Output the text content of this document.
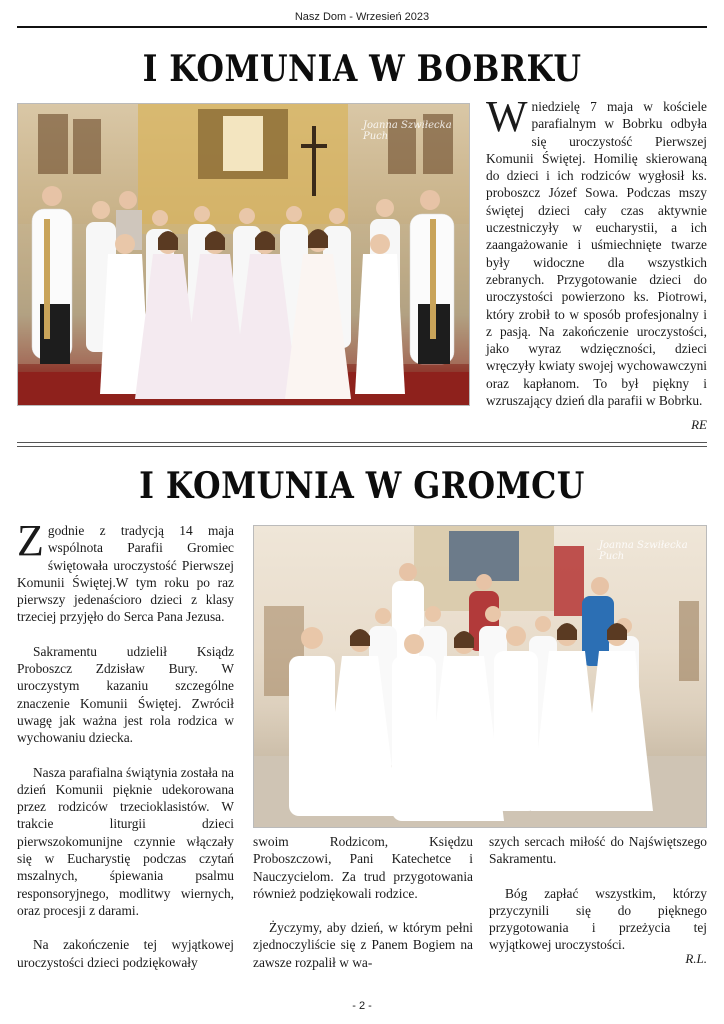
Nasz Dom - Wrzesień 2023
I KOMUNIA W BOBRKU
Joanna Szwiłecka Puch	Wniedzielę 7 maja w kościele parafialnym w Bobrku odbyła się uroczystość Pierwszej Komunii Świętej. Homilię skierowaną do dzieci i ich rodziców wygłosił ks. proboszcz Józef Sowa. Podczas mszy świętej dzieci cały czas aktywnie uczestniczyły w eucharystii, a ich zaangażowanie i uśmiechnięte twarze były widoczne dla wszystkich zebranych. Przygotowanie dzieci do uroczystości powierzono ks. Piotrowi, który zrobił to w sposób profesjonalny i z pasją. Na zakończenie uroczystości, jako wyraz wdzięczności, dzieci wręczyły kwiaty swojej wychowawczyni oraz kapłanom. To był piękny i wzruszający dzień dla parafii w Bobrku.

RE
I KOMUNIA W GROMCU
Joanna Szwiłecka Puch

Zgodnie z tradycją 14 maja wspólnota Parafii Gromiec świętowała uroczystość Pierwszej Komunii Świętej.W tym roku po raz pierwszy jedenaścioro dzieci z klasy trzeciej przyjęło do Serca Pana Jezusa.

Sakramentu udzielił Ksiądz Proboszcz Zdzisław Bury. W uroczystym kazaniu szczególne znaczenie Komunii Świętej. Zwrócił uwagę jak ważna jest rola rodzica w wychowaniu dziecka.

Nasza parafialna świątynia została na dzień Komunii pięknie udekorowana przez rodziców trzecioklasistów. W trakcie liturgii dzieci pierwszokomunijne czynnie włączały się w Eucharystię podczas czytań mszalnych, śpiewania psalmu responsoryjnego, modlitwy wiernych, oraz procesji z darami.

Na zakończenie tej wyjątkowej uroczystości dzieci podziękowały

swoim Rodzicom, Księdzu Proboszczowi, Pani Katechetce i Nauczycielom. Za trud przygotowania również podziękowali rodzice.

Życzymy, aby dzień, w którym pełni zjednoczyliście się z Panem Bogiem na zawsze rozpalił w wa-

szych sercach miłość do Najświętszego Sakramentu.

Bóg zapłać wszystkim, którzy przyczynili się do pięknego przygotowania i przeżycia tej wyjątkowej uroczystości.

R.L.
- 2 -
